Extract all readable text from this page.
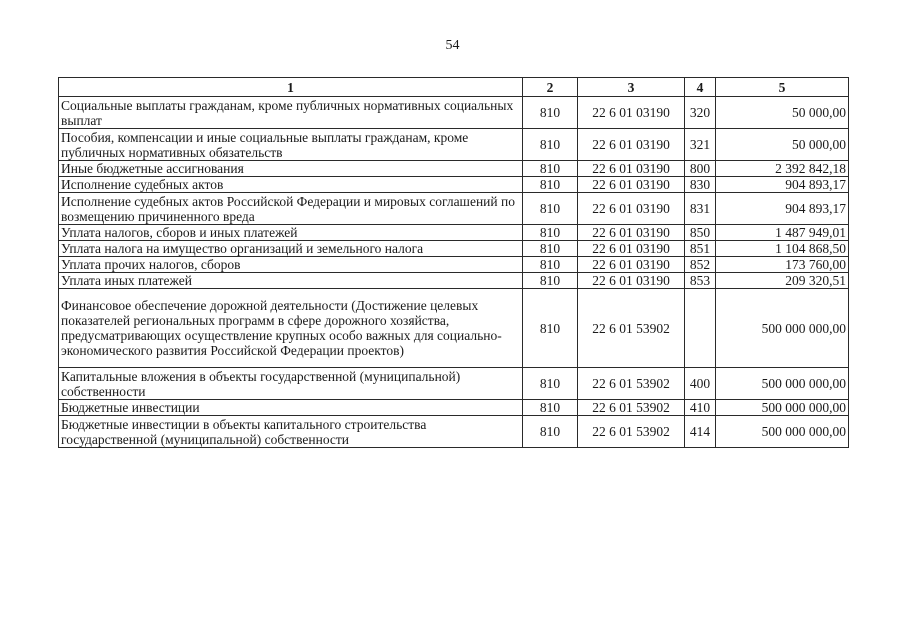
54
1	2	3	4	5
Социальные выплаты гражданам, кроме публичных нормативных социальных выплат	810	22 6 01 03190	320	50 000,00
Пособия, компенсации и иные социальные выплаты гражданам, кроме публичных нормативных обязательств	810	22 6 01 03190	321	50 000,00
Иные бюджетные ассигнования	810	22 6 01 03190	800	2 392 842,18
Исполнение судебных актов	810	22 6 01 03190	830	904 893,17
Исполнение судебных актов Российской Федерации и мировых соглашений по возмещению причиненного вреда	810	22 6 01 03190	831	904 893,17
Уплата налогов, сборов и иных платежей	810	22 6 01 03190	850	1 487 949,01
Уплата налога на имущество организаций и земельного налога	810	22 6 01 03190	851	1 104 868,50
Уплата прочих налогов, сборов	810	22 6 01 03190	852	173 760,00
Уплата иных платежей	810	22 6 01 03190	853	209 320,51
Финансовое обеспечение дорожной деятельности (Достижение целевых показателей региональных программ в сфере дорожного хозяйства, предусматривающих осуществление крупных особо важных для социально-экономического развития Российской Федерации проектов)	810	22 6 01 53902		500 000 000,00
Капитальные вложения в объекты государственной (муниципальной) собственности	810	22 6 01 53902	400	500 000 000,00
Бюджетные инвестиции	810	22 6 01 53902	410	500 000 000,00
Бюджетные инвестиции в объекты капитального строительства государственной (муниципальной) собственности	810	22 6 01 53902	414	500 000 000,00
